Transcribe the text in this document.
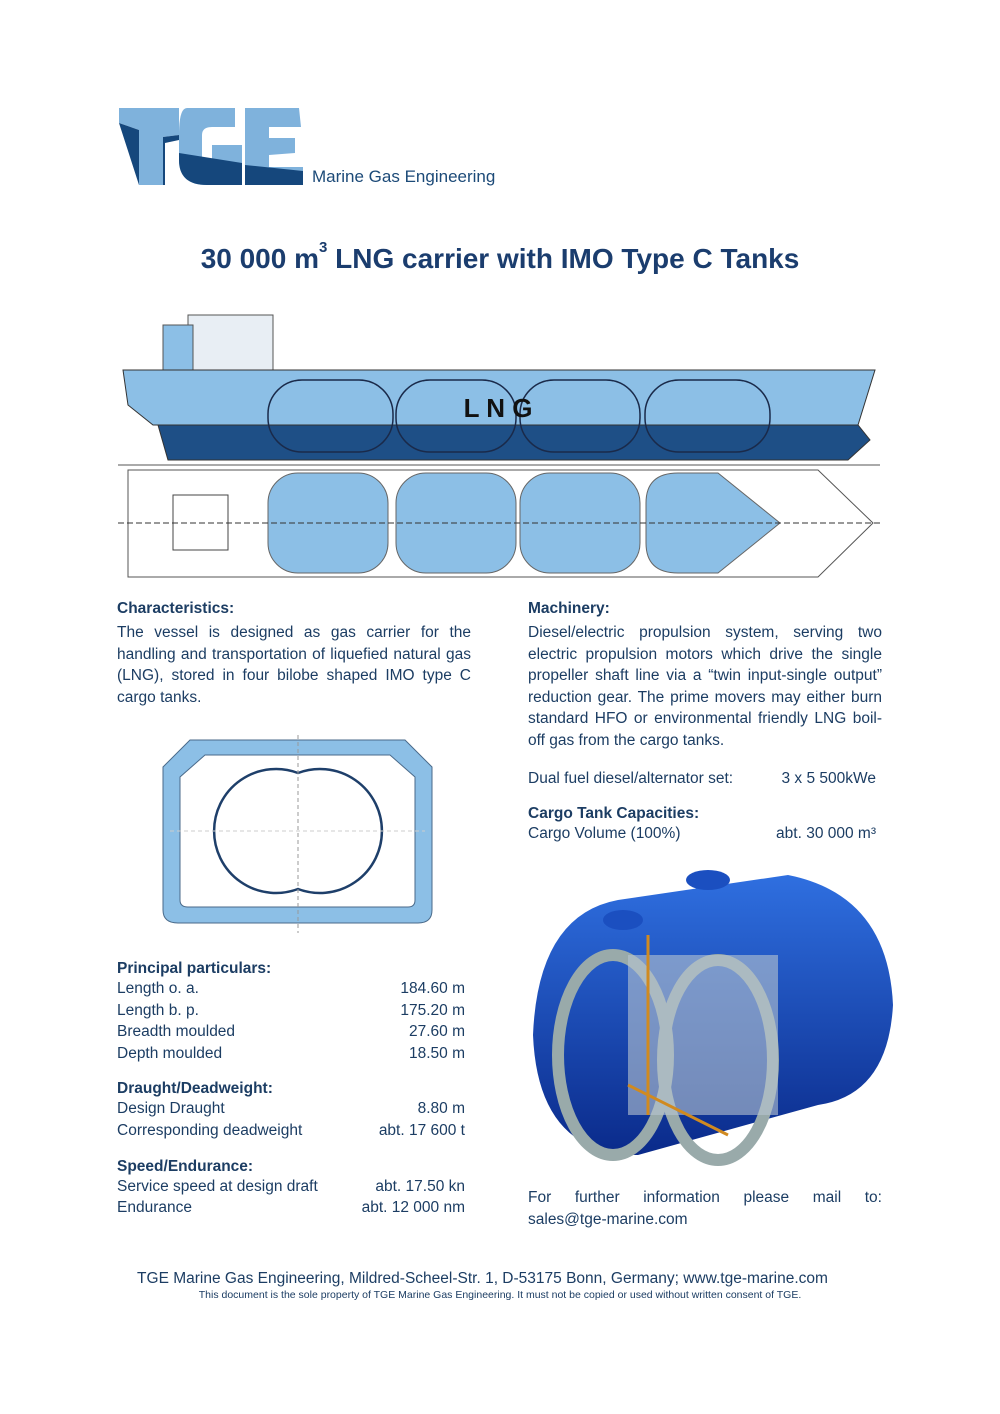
Marine Gas Engineering
30 000 $m^3$ LNG carrier with IMO Type C Tanks
L N G
Characteristics:
The vessel is designed as gas carrier for the handling and transportation of liquefied natural gas (LNG), stored in four bilobe shaped IMO type C cargo tanks.
Machinery:
Diesel/electric propulsion system, serving two electric propulsion motors which drive the single propeller shaft line via a “twin input-single output” reduction gear. The prime movers may either burn standard HFO or environmental friendly LNG boil-off gas from the cargo tanks.
Dual fuel diesel/alternator set:	3 x 5 500kWe
Cargo Tank Capacities:
Cargo Volume (100%)	abt. 30 000 m³
Principal particulars:
Length o. a.	184.60 m
Length b. p.	175.20 m
Breadth moulded	27.60 m
Depth moulded	18.50 m
Draught/Deadweight:
Design Draught	8.80 m
Corresponding deadweight	abt. 17 600 t
Speed/Endurance:
Service speed at design draft	abt. 17.50 kn
Endurance	abt. 12 000 nm
For further information please mail to:
sales@tge-marine.com
TGE Marine Gas Engineering, Mildred-Scheel-Str. 1, D-53175 Bonn, Germany; www.tge-marine.com
This document is the sole property of TGE Marine Gas Engineering. It must not be copied or used without written consent of TGE.
